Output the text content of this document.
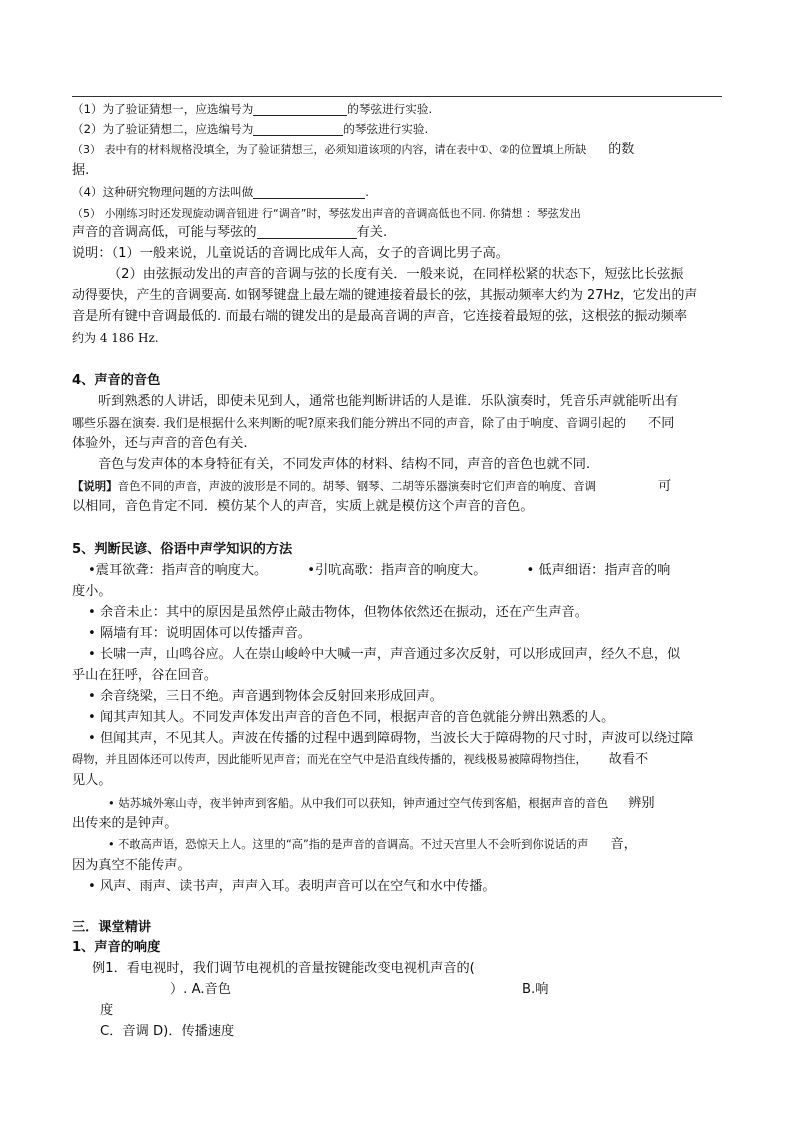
（1）为了验证猜想一，应选编号为	的琴弦进行实验.
（2）为了验证猜想二，应选编号为	的琴弦进行实验.
（3） 表中有的材料规格没填全，为了验证猜想三，必须知道该项的内容，请在表中①、②的位置填上所缺 的数
据.
（4）这种研究物理问题的方法叫做	.
（5） 小刚练习时还发现旋动调音钮进 行“调音”时，琴弦发出声音的音调高低也不同. 你猜想 ：琴弦发出
声音的音调高低，可能与琴弦的	有关.
说明：（1）一般来说，儿童说话的音调比成年人高，女子的音调比男子高。
（2）由弦振动发出的声音的音调与弦的长度有关．一般来说，在同样松紧的状态下，短弦比长弦振
动得要快，产生的音调要高. 如钢琴键盘上最左端的键連接着最长的弦，其振动频率大约为 27Hz，它发出的声
音是所有键中音调最低的. 而最右端的键发出的是最高音调的声音，它连接着最短的弦，这根弦的振动频率
约为 4 186 Hz.
4、声音的音色
听到熟悉的人讲话，即使未见到人，通常也能判断讲话的人是谁．乐队演奏时，凭音乐声就能听出有
哪些乐器在演奏. 我们是根据什么来判断的呢?原来我们能分辨出不同的声音，除了由于响度、音调引起的 不同
体验外，还与声音的音色有关.
音色与发声体的本身特征有关，不同发声体的材料、结构不同，声音的音色也就不同.
【说明】音色不同的声音，声波的波形是不同的。胡琴、钢琴、二胡等乐器演奏时它们声音的响度、音调	可
以相同，音色肯定不同．模仿某个人的声音，实质上就是模仿这个声音的音色。
5、判断民谚、俗语中声学知识的方法
•震耳欲聋：指声音的响度大。	•引吭高歌：指声音的响度大。	• 低声细语：指声音的响
度小。
• 余音未止：其中的原因是虽然停止敲击物体，但物体依然还在振动，还在产生声音。
• 隔墙有耳：说明固体可以传播声音。
• 长啸一声，山鸣谷应。人在崇山峻岭中大喊一声，声音通过多次反射，可以形成回声，经久不息，似
乎山在狂呼，谷在回音。
• 余音绕梁，三日不绝。声音遇到物体会反射回来形成回声。
• 闻其声知其人。不同发声体发出声音的音色不同，根据声音的音色就能分辨出熟悉的人。
• 但闻其声，不见其人。声波在传播的过程中遇到障碍物，当波长大于障碍物的尺寸时，声波可以绕过障
碍物，并且固体还可以传声，因此能听见声音；而光在空气中是沿直线传播的，视线极易被障碍物挡住， 故看不
见人。
• 姑苏城外寒山寺，夜半钟声到客船。从中我们可以获知，钟声通过空气传到客船，根据声音的音色 辨别
出传来的是钟声。
• 不敢高声语，恐惊天上人。这里的“高”指的是声音的音调高。不过天宫里人不会听到你说话的声 音，
因为真空不能传声。
• 风声、雨声、读书声，声声入耳。表明声音可以在空气和水中传播。
三．课堂精讲
1、声音的响度
例1．看电视时，我们调节电视机的音量按键能改变电视机声音的(
）. A.音色	B.响
度
C．音调 D)．传播速度
